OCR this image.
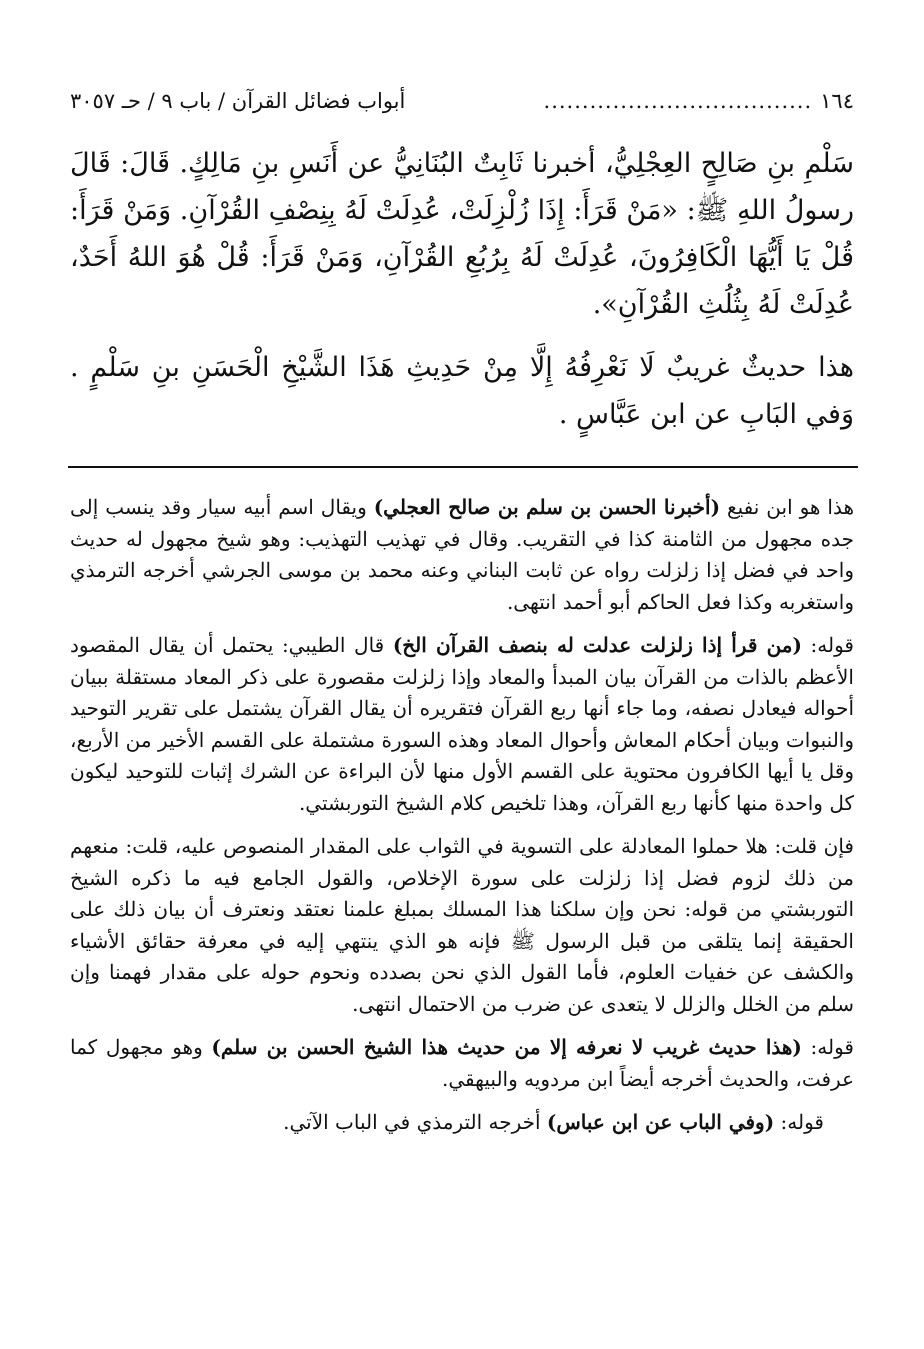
١٦٤
...................................
أبواب فضائل القرآن / باب ٩ / حـ ٣٠٥٧

سَلْمِ بنِ صَالِحٍ العِجْلِيُّ، أخبرنا ثَابِتٌ البُنَانِيُّ عن أَنَسِ بنِ مَالِكٍ. قَالَ: قَالَ رسولُ اللهِ ﷺ: «مَنْ قَرَأَ: إِذَا زُلْزِلَتْ، عُدِلَتْ لَهُ بِنِصْفِ القُرْآنِ. وَمَنْ قَرَأَ: قُلْ يَا أَيُّهَا الْكَافِرُونَ، عُدِلَتْ لَهُ بِرُبُعِ القُرْآنِ، وَمَنْ قَرَأَ: قُلْ هُوَ اللهُ أَحَدٌ، عُدِلَتْ لَهُ بِثُلُثِ القُرْآنِ».

هذا حديثٌ غريبٌ لَا نَعْرِفُهُ إِلَّا مِنْ حَدِيثِ هَذَا الشَّيْخِ الْحَسَنِ بنِ سَلْمٍ . وَفي البَابِ عن ابن عَبَّاسٍ .

هذا هو ابن نفيع (أخبرنا الحسن بن سلم بن صالح العجلي) ويقال اسم أبيه سيار وقد ينسب إلى جده مجهول من الثامنة كذا في التقريب. وقال في تهذيب التهذيب: وهو شيخ مجهول له حديث واحد في فضل إذا زلزلت رواه عن ثابت البناني وعنه محمد بن موسى الجرشي أخرجه الترمذي واستغربه وكذا فعل الحاكم أبو أحمد انتهى.

قوله: (من قرأ إذا زلزلت عدلت له بنصف القرآن الخ) قال الطيبي: يحتمل أن يقال المقصود الأعظم بالذات من القرآن بيان المبدأ والمعاد وإذا زلزلت مقصورة على ذكر المعاد مستقلة ببيان أحواله فيعادل نصفه، وما جاء أنها ربع القرآن فتقريره أن يقال القرآن يشتمل على تقرير التوحيد والنبوات وبيان أحكام المعاش وأحوال المعاد وهذه السورة مشتملة على القسم الأخير من الأربع، وقل يا أيها الكافرون محتوية على القسم الأول منها لأن البراءة عن الشرك إثبات للتوحيد ليكون كل واحدة منها كأنها ربع القرآن، وهذا تلخيص كلام الشيخ التوربشتي.

فإن قلت: هلا حملوا المعادلة على التسوية في الثواب على المقدار المنصوص عليه، قلت: منعهم من ذلك لزوم فضل إذا زلزلت على سورة الإخلاص، والقول الجامع فيه ما ذكره الشيخ التوربشتي من قوله: نحن وإن سلكنا هذا المسلك بمبلغ علمنا نعتقد ونعترف أن بيان ذلك على الحقيقة إنما يتلقى من قبل الرسول ﷺ فإنه هو الذي ينتهي إليه في معرفة حقائق الأشياء والكشف عن خفيات العلوم، فأما القول الذي نحن بصدده ونحوم حوله على مقدار فهمنا وإن سلم من الخلل والزلل لا يتعدى عن ضرب من الاحتمال انتهى.

قوله: (هذا حديث غريب لا نعرفه إلا من حديث هذا الشيخ الحسن بن سلم) وهو مجهول كما عرفت، والحديث أخرجه أيضاً ابن مردويه والبيهقي.

قوله: (وفي الباب عن ابن عباس) أخرجه الترمذي في الباب الآتي.
